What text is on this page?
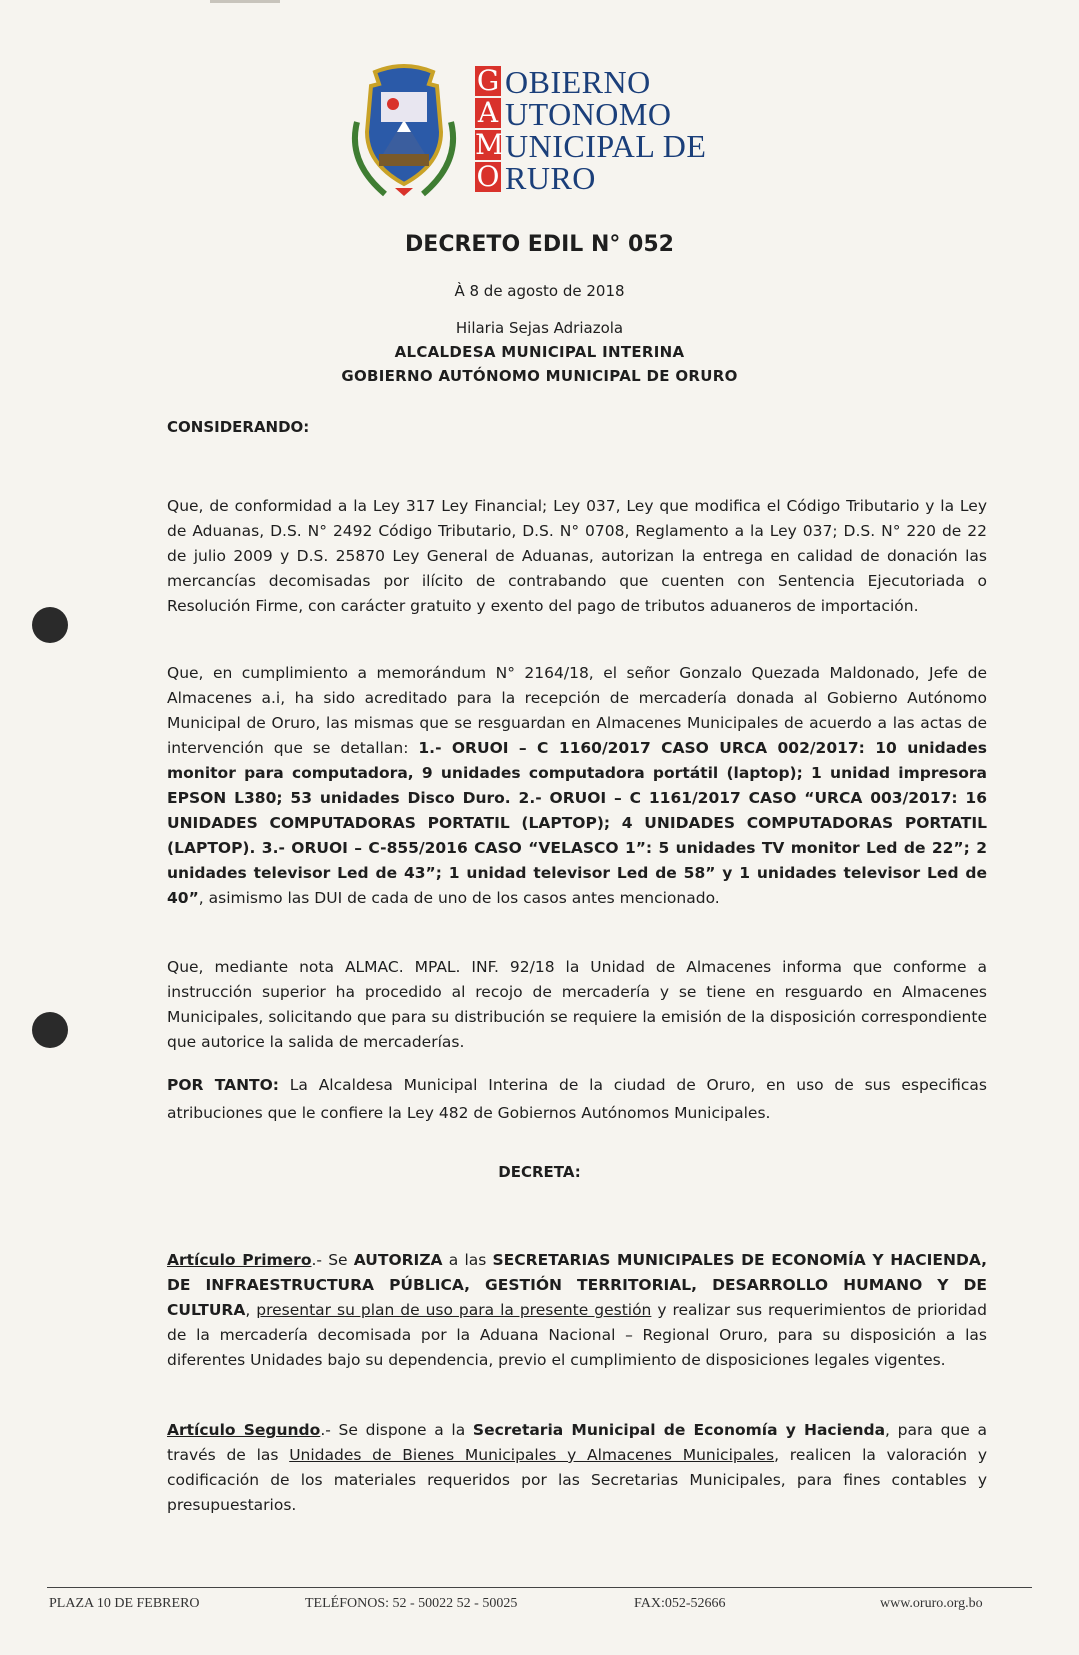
G
A
M
O
OBIERNO
UTONOMO
UNICIPAL DE
RURO
DECRETO EDIL N° 052
À 8 de agosto de 2018
Hilaria Sejas Adriazola
ALCALDESA MUNICIPAL INTERINA
GOBIERNO AUTÓNOMO MUNICIPAL DE ORURO
CONSIDERANDO:
Que, de conformidad a la Ley 317 Ley Financial; Ley 037, Ley que modifica el Código Tributario y la Ley de Aduanas, D.S. N° 2492 Código Tributario, D.S. N° 0708, Reglamento a la Ley 037; D.S. N° 220 de 22 de julio 2009 y D.S. 25870 Ley General de Aduanas, autorizan la entrega en calidad de donación las mercancías decomisadas por ilícito de contrabando que cuenten con Sentencia Ejecutoriada o Resolución Firme, con carácter gratuito y exento del pago de tributos aduaneros de importación.
Que, en cumplimiento a memorándum N° 2164/18, el señor Gonzalo Quezada Maldonado, Jefe de Almacenes a.i, ha sido acreditado para la recepción de mercadería donada al Gobierno Autónomo Municipal de Oruro, las mismas que se resguardan en Almacenes Municipales de acuerdo a las actas de intervención que se detallan: 1.- ORUOI – C 1160/2017 CASO URCA 002/2017: 10 unidades monitor para computadora, 9 unidades computadora portátil (laptop); 1 unidad impresora EPSON L380; 53 unidades Disco Duro. 2.- ORUOI – C 1161/2017 CASO “URCA 003/2017: 16 UNIDADES COMPUTADORAS PORTATIL (LAPTOP); 4 UNIDADES COMPUTADORAS PORTATIL (LAPTOP). 3.- ORUOI – C-855/2016 CASO “VELASCO 1”: 5 unidades TV monitor Led de 22”; 2 unidades televisor Led de 43”; 1 unidad televisor Led de 58” y 1 unidades televisor Led de 40”, asimismo las DUI de cada de uno de los casos antes mencionado.
Que, mediante nota ALMAC. MPAL. INF. 92/18 la Unidad de Almacenes informa que conforme a instrucción superior ha procedido al recojo de mercadería y se tiene en resguardo en Almacenes Municipales, solicitando que para su distribución se requiere la emisión de la disposición correspondiente que autorice la salida de mercaderías.
POR TANTO: La Alcaldesa Municipal Interina de la ciudad de Oruro, en uso de sus especificas atribuciones que le confiere la Ley 482 de Gobiernos Autónomos Municipales.
DECRETA:
Artículo Primero.- Se AUTORIZA a las SECRETARIAS MUNICIPALES DE ECONOMÍA Y HACIENDA, DE INFRAESTRUCTURA PÚBLICA, GESTIÓN TERRITORIAL, DESARROLLO HUMANO Y DE CULTURA, presentar su plan de uso para la presente gestión y realizar sus requerimientos de prioridad de la mercadería decomisada por la Aduana Nacional – Regional Oruro, para su disposición a las diferentes Unidades bajo su dependencia, previo el cumplimiento de disposiciones legales vigentes.
Artículo Segundo.- Se dispone a la Secretaria Municipal de Economía y Hacienda, para que a través de las Unidades de Bienes Municipales y Almacenes Municipales, realicen la valoración y codificación de los materiales requeridos por las Secretarias Municipales, para fines contables y presupuestarios.
PLAZA 10 DE FEBRERO	TELÉFONOS: 52 - 50022 52 - 50025	FAX:052-52666	www.oruro.org.bo
